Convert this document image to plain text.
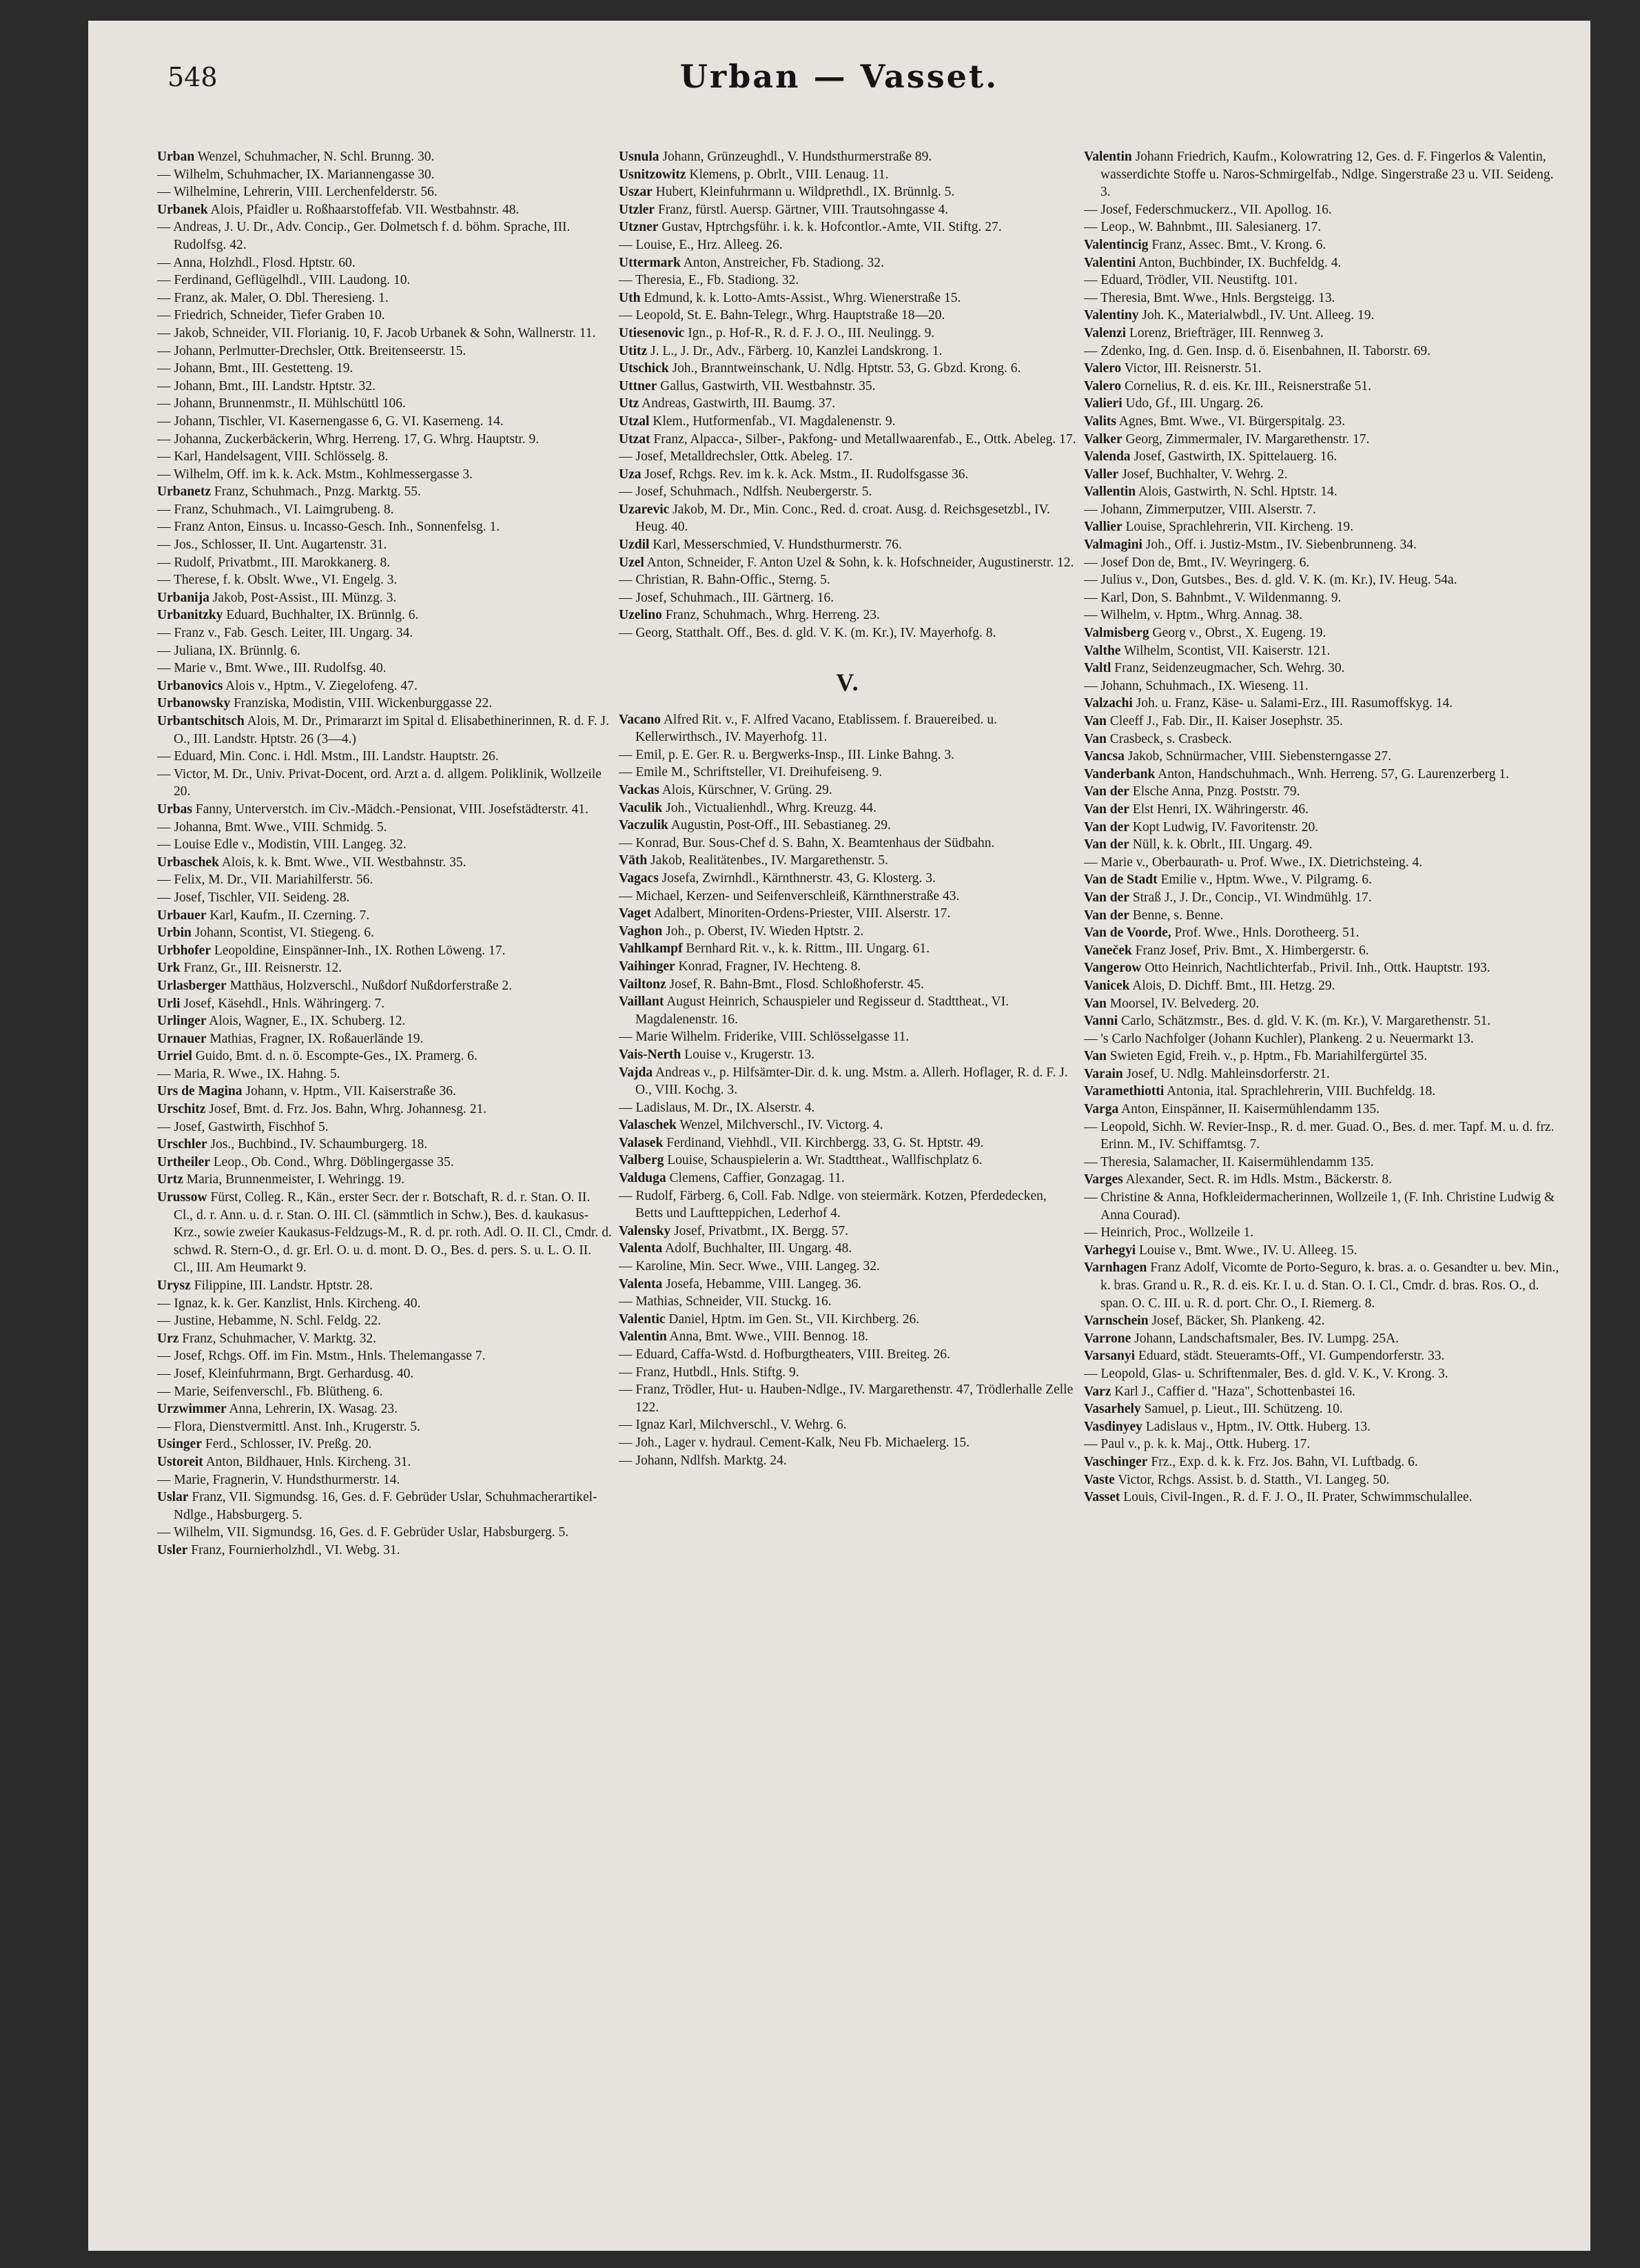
548	Urban — Vasset.
Urban Wenzel, Schuhmacher, N. Schl. Brunng. 30.
— Wilhelm, Schuhmacher, IX. Mariannengasse 30.
— Wilhelmine, Lehrerin, VIII. Lerchenfelderstr. 56.
Urbanek Alois, Pfaidler u. Roßhaarstoffefab. VII. Westbahnstr. 48.
— Andreas, J. U. Dr., Adv. Concip., Ger. Dolmetsch f. d. böhm. Sprache, III. Rudolfsg. 42.
— Anna, Holzhdl., Flosd. Hptstr. 60.
— Ferdinand, Geflügelhdl., VIII. Laudong. 10.
— Franz, ak. Maler, O. Dbl. Theresieng. 1.
— Friedrich, Schneider, Tiefer Graben 10.
— Jakob, Schneider, VII. Florianig. 10, F. Jacob Urbanek & Sohn, Wallnerstr. 11.
— Johann, Perlmutter-Drechsler, Ottk. Breitenseerstr. 15.
— Johann, Bmt., III. Gestetteng. 19.
— Johann, Bmt., III. Landstr. Hptstr. 32.
— Johann, Brunnenmstr., II. Mühlschüttl 106.
— Johann, Tischler, VI. Kasernengasse 6, G. VI. Kaserneng. 14.
— Johanna, Zuckerbäckerin, Whrg. Herreng. 17, G. Whrg. Hauptstr. 9.
— Karl, Handelsagent, VIII. Schlösselg. 8.
— Wilhelm, Off. im k. k. Ack. Mstm., Kohlmessergasse 3.
Urbanetz Franz, Schuhmach., Pnzg. Marktg. 55.
— Franz, Schuhmach., VI. Laimgrubeng. 8.
— Franz Anton, Einsus. u. Incasso-Gesch. Inh., Sonnenfelsg. 1.
— Jos., Schlosser, II. Unt. Augartenstr. 31.
— Rudolf, Privatbmt., III. Marokkanerg. 8.
— Therese, f. k. Obslt. Wwe., VI. Engelg. 3.
Urbanija Jakob, Post-Assist., III. Münzg. 3.
Urbanitzky Eduard, Buchhalter, IX. Brünnlg. 6.
— Franz v., Fab. Gesch. Leiter, III. Ungarg. 34.
— Juliana, IX. Brünnlg. 6.
— Marie v., Bmt. Wwe., III. Rudolfsg. 40.
Urbanovics Alois v., Hptm., V. Ziegelofeng. 47.
Urbanowsky Franziska, Modistin, VIII. Wickenburggasse 22.
Urbantschitsch Alois, M. Dr., Primararzt im Spital d. Elisabethinerinnen, R. d. F. J. O., III. Landstr. Hptstr. 26 (3—4.)
— Eduard, Min. Conc. i. Hdl. Mstm., III. Landstr. Hauptstr. 26.
— Victor, M. Dr., Univ. Privat-Docent, ord. Arzt a. d. allgem. Poliklinik, Wollzeile 20.
Urbas Fanny, Unterverstch. im Civ.-Mädch.-Pensionat, VIII. Josefstädterstr. 41.
— Johanna, Bmt. Wwe., VIII. Schmidg. 5.
— Louise Edle v., Modistin, VIII. Langeg. 32.
Urbaschek Alois, k. k. Bmt. Wwe., VII. Westbahnstr. 35.
— Felix, M. Dr., VII. Mariahilferstr. 56.
— Josef, Tischler, VII. Seideng. 28.
Urbauer Karl, Kaufm., II. Czerning. 7.
Urbin Johann, Scontist, VI. Stiegeng. 6.
Urbhofer Leopoldine, Einspänner-Inh., IX. Rothen Löweng. 17.
Urk Franz, Gr., III. Reisnerstr. 12.
Urlasberger Matthäus, Holzverschl., Nußdorf Nußdorferstraße 2.
Urli Josef, Käsehdl., Hnls. Währingerg. 7.
Urlinger Alois, Wagner, E., IX. Schuberg. 12.
Urnauer Mathias, Fragner, IX. Roßauerlände 19.
Urriel Guido, Bmt. d. n. ö. Escompte-Ges., IX. Pramerg. 6.
— Maria, R. Wwe., IX. Hahng. 5.
Urs de Magina Johann, v. Hptm., VII. Kaiserstraße 36.
Urschitz Josef, Bmt. d. Frz. Jos. Bahn, Whrg. Johannesg. 21.
— Josef, Gastwirth, Fischhof 5.
Urschler Jos., Buchbind., IV. Schaumburgerg. 18.
Urtheiler Leop., Ob. Cond., Whrg. Döblingergasse 35.
Urtz Maria, Brunnenmeister, I. Wehringg. 19.
Urussow Fürst, Colleg. R., Kän., erster Secr. der r. Botschaft, R. d. r. Stan. O. II. Cl., d. r. Ann. u. d. r. Stan. O. III. Cl. (sämmtlich in Schw.), Bes. d. kaukasus-Krz., sowie zweier Kaukasus-Feldzugs-M., R. d. pr. roth. Adl. O. II. Cl., Cmdr. d. schwd. R. Stern-O., d. gr. Erl. O. u. d. mont. D. O., Bes. d. pers. S. u. L. O. II. Cl., III. Am Heumarkt 9.
Urysz Filippine, III. Landstr. Hptstr. 28.
— Ignaz, k. k. Ger. Kanzlist, Hnls. Kircheng. 40.
— Justine, Hebamme, N. Schl. Feldg. 22.
Urz Franz, Schuhmacher, V. Marktg. 32.
— Josef, Rchgs. Off. im Fin. Mstm., Hnls. Thelemangasse 7.
— Josef, Kleinfuhrmann, Brgt. Gerhardusg. 40.
— Marie, Seifenverschl., Fb. Blütheng. 6.
Urzwimmer Anna, Lehrerin, IX. Wasag. 23.
— Flora, Dienstvermittl. Anst. Inh., Krugerstr. 5.
Usinger Ferd., Schlosser, IV. Preßg. 20.
Ustoreit Anton, Bildhauer, Hnls. Kircheng. 31.
— Marie, Fragnerin, V. Hundsthurmerstr. 14.
Uslar Franz, VII. Sigmundsg. 16, Ges. d. F. Gebrüder Uslar, Schuhmacherartikel-Ndlge., Habsburgerg. 5.
— Wilhelm, VII. Sigmundsg. 16, Ges. d. F. Gebrüder Uslar, Habsburgerg. 5.
Usler Franz, Fournierholzhdl., VI. Webg. 31.
Usnula Johann, Grünzeughdl., V. Hundsthurmerstraße 89.
Usnitzowitz Klemens, p. Obrlt., VIII. Lenaug. 11.
Uszar Hubert, Kleinfuhrmann u. Wildprethdl., IX. Brünnlg. 5.
Utzler Franz, fürstl. Auersp. Gärtner, VIII. Trautsohngasse 4.
Utzner Gustav, Hptrchgsführ. i. k. k. Hofcontlor.-Amte, VII. Stiftg. 27.
— Louise, E., Hrz. Alleeg. 26.
Uttermark Anton, Anstreicher, Fb. Stadiong. 32.
— Theresia, E., Fb. Stadiong. 32.
Uth Edmund, k. k. Lotto-Amts-Assist., Whrg. Wienerstraße 15.
— Leopold, St. E. Bahn-Telegr., Whrg. Hauptstraße 18—20.
Utiesenovic Ign., p. Hof-R., R. d. F. J. O., III. Neulingg. 9.
Utitz J. L., J. Dr., Adv., Färberg. 10, Kanzlei Landskrong. 1.
Utschick Joh., Branntweinschank, U. Ndlg. Hptstr. 53, G. Gbzd. Krong. 6.
Uttner Gallus, Gastwirth, VII. Westbahnstr. 35.
Utz Andreas, Gastwirth, III. Baumg. 37.
Utzal Klem., Hutformenfab., VI. Magdalenenstr. 9.
Utzat Franz, Alpacca-, Silber-, Pakfong- und Metallwaarenfab., E., Ottk. Abeleg. 17.
— Josef, Metalldrechsler, Ottk. Abeleg. 17.
Uza Josef, Rchgs. Rev. im k. k. Ack. Mstm., II. Rudolfsgasse 36.
— Josef, Schuhmach., Ndlfsh. Neubergerstr. 5.
Uzarevic Jakob, M. Dr., Min. Conc., Red. d. croat. Ausg. d. Reichsgesetzbl., IV. Heug. 40.
Uzdil Karl, Messerschmied, V. Hundsthurmerstr. 76.
Uzel Anton, Schneider, F. Anton Uzel & Sohn, k. k. Hofschneider, Augustinerstr. 12.
— Christian, R. Bahn-Offic., Sterng. 5.
— Josef, Schuhmach., III. Gärtnerg. 16.
Uzelino Franz, Schuhmach., Whrg. Herreng. 23.
— Georg, Statthalt. Off., Bes. d. gld. V. K. (m. Kr.), IV. Mayerhofg. 8.
V.
Vacano Alfred Rit. v., F. Alfred Vacano, Etablissem. f. Brauereibed. u. Kellerwirthsch., IV. Mayerhofg. 11.
— Emil, p. E. Ger. R. u. Bergwerks-Insp., III. Linke Bahng. 3.
— Emile M., Schriftsteller, VI. Dreihufeiseng. 9.
Vackas Alois, Kürschner, V. Grüng. 29.
Vaculik Joh., Victualienhdl., Whrg. Kreuzg. 44.
Vaczulik Augustin, Post-Off., III. Sebastianeg. 29.
— Konrad, Bur. Sous-Chef d. S. Bahn, X. Beamtenhaus der Südbahn.
Väth Jakob, Realitätenbes., IV. Margarethenstr. 5.
Vagacs Josefa, Zwirnhdl., Kärnthnerstr. 43, G. Klosterg. 3.
— Michael, Kerzen- und Seifenverschleiß, Kärnthnerstraße 43.
Vaget Adalbert, Minoriten-Ordens-Priester, VIII. Alserstr. 17.
Vaghon Joh., p. Oberst, IV. Wieden Hptstr. 2.
Vahlkampf Bernhard Rit. v., k. k. Rittm., III. Ungarg. 61.
Vaihinger Konrad, Fragner, IV. Hechteng. 8.
Vailtonz Josef, R. Bahn-Bmt., Flosd. Schloßhoferstr. 45.
Vaillant August Heinrich, Schauspieler und Regisseur d. Stadttheat., VI. Magdalenenstr. 16.
— Marie Wilhelm. Friderike, VIII. Schlösselgasse 11.
Vais-Nerth Louise v., Krugerstr. 13.
Vajda Andreas v., p. Hilfsämter-Dir. d. k. ung. Mstm. a. Allerh. Hoflager, R. d. F. J. O., VIII. Kochg. 3.
— Ladislaus, M. Dr., IX. Alserstr. 4.
Valaschek Wenzel, Milchverschl., IV. Victorg. 4.
Valasek Ferdinand, Viehhdl., VII. Kirchbergg. 33, G. St. Hptstr. 49.
Valberg Louise, Schauspielerin a. Wr. Stadttheat., Wallfischplatz 6.
Valduga Clemens, Caffier, Gonzagag. 11.
— Rudolf, Färberg. 6, Coll. Fab. Ndlge. von steiermärk. Kotzen, Pferdedecken, Betts und Lauftteppichen, Lederhof 4.
Valensky Josef, Privatbmt., IX. Bergg. 57.
Valenta Adolf, Buchhalter, III. Ungarg. 48.
— Karoline, Min. Secr. Wwe., VIII. Langeg. 32.
Valenta Josefa, Hebamme, VIII. Langeg. 36.
— Mathias, Schneider, VII. Stuckg. 16.
Valentic Daniel, Hptm. im Gen. St., VII. Kirchberg. 26.
Valentin Anna, Bmt. Wwe., VIII. Bennog. 18.
— Eduard, Caffa-Wstd. d. Hofburgtheaters, VIII. Breiteg. 26.
— Franz, Hutbdl., Hnls. Stiftg. 9.
— Franz, Trödler, Hut- u. Hauben-Ndlge., IV. Margarethenstr. 47, Trödlerhalle Zelle 122.
— Ignaz Karl, Milchverschl., V. Wehrg. 6.
— Joh., Lager v. hydraul. Cement-Kalk, Neu Fb. Michaelerg. 15.
— Johann, Ndlfsh. Marktg. 24.
Valentin Johann Friedrich, Kaufm., Kolowratring 12, Ges. d. F. Fingerlos & Valentin, wasserdichte Stoffe u. Naros-Schmirgelfab., Ndlge. Singerstraße 23 u. VII. Seideng. 3.
— Josef, Federschmuckerz., VII. Apollog. 16.
— Leop., W. Bahnbmt., III. Salesianerg. 17.
Valentincig Franz, Assec. Bmt., V. Krong. 6.
Valentini Anton, Buchbinder, IX. Buchfeldg. 4.
— Eduard, Trödler, VII. Neustiftg. 101.
— Theresia, Bmt. Wwe., Hnls. Bergsteigg. 13.
Valentiny Joh. K., Materialwbdl., IV. Unt. Alleeg. 19.
Valenzi Lorenz, Briefträger, III. Rennweg 3.
— Zdenko, Ing. d. Gen. Insp. d. ö. Eisenbahnen, II. Taborstr. 69.
Valero Victor, III. Reisnerstr. 51.
Valero Cornelius, R. d. eis. Kr. III., Reisnerstraße 51.
Valieri Udo, Gf., III. Ungarg. 26.
Valits Agnes, Bmt. Wwe., VI. Bürgerspitalg. 23.
Valker Georg, Zimmermaler, IV. Margarethenstr. 17.
Valenda Josef, Gastwirth, IX. Spittelauerg. 16.
Valler Josef, Buchhalter, V. Wehrg. 2.
Vallentin Alois, Gastwirth, N. Schl. Hptstr. 14.
— Johann, Zimmerputzer, VIII. Alserstr. 7.
Vallier Louise, Sprachlehrerin, VII. Kircheng. 19.
Valmagini Joh., Off. i. Justiz-Mstm., IV. Siebenbrunneng. 34.
— Josef Don de, Bmt., IV. Weyringerg. 6.
— Julius v., Don, Gutsbes., Bes. d. gld. V. K. (m. Kr.), IV. Heug. 54a.
— Karl, Don, S. Bahnbmt., V. Wildenmanng. 9.
— Wilhelm, v. Hptm., Whrg. Annag. 38.
Valmisberg Georg v., Obrst., X. Eugeng. 19.
Valthe Wilhelm, Scontist, VII. Kaiserstr. 121.
Valtl Franz, Seidenzeugmacher, Sch. Wehrg. 30.
— Johann, Schuhmach., IX. Wieseng. 11.
Valzachi Joh. u. Franz, Käse- u. Salami-Erz., III. Rasumoffskyg. 14.
Van Cleeff J., Fab. Dir., II. Kaiser Josephstr. 35.
Van Crasbeck, s. Crasbeck.
Vancsa Jakob, Schnürmacher, VIII. Siebensterngasse 27.
Vanderbank Anton, Handschuhmach., Wnh. Herreng. 57, G. Laurenzerberg 1.
Van der Elsche Anna, Pnzg. Poststr. 79.
Van der Elst Henri, IX. Währingerstr. 46.
Van der Kopt Ludwig, IV. Favoritenstr. 20.
Van der Nüll, k. k. Obrlt., III. Ungarg. 49.
— Marie v., Oberbaurath- u. Prof. Wwe., IX. Dietrichsteing. 4.
Van de Stadt Emilie v., Hptm. Wwe., V. Pilgramg. 6.
Van der Straß J., J. Dr., Concip., VI. Windmühlg. 17.
Van der Benne, s. Benne.
Van de Voorde, Prof. Wwe., Hnls. Dorotheerg. 51.
Vaneček Franz Josef, Priv. Bmt., X. Himbergerstr. 6.
Vangerow Otto Heinrich, Nachtlichterfab., Privil. Inh., Ottk. Hauptstr. 193.
Vanicek Alois, D. Dichff. Bmt., III. Hetzg. 29.
Van Moorsel, IV. Belvederg. 20.
Vanni Carlo, Schätzmstr., Bes. d. gld. V. K. (m. Kr.), V. Margarethenstr. 51.
— 's Carlo Nachfolger (Johann Kuchler), Plankeng. 2 u. Neuermarkt 13.
Van Swieten Egid, Freih. v., p. Hptm., Fb. Mariahilfergürtel 35.
Varain Josef, U. Ndlg. Mahleinsdorferstr. 21.
Varamethiotti Antonia, ital. Sprachlehrerin, VIII. Buchfeldg. 18.
Varga Anton, Einspänner, II. Kaisermühlendamm 135.
— Leopold, Sichh. W. Revier-Insp., R. d. mer. Guad. O., Bes. d. mer. Tapf. M. u. d. frz. Erinn. M., IV. Schiffamtsg. 7.
— Theresia, Salamacher, II. Kaisermühlendamm 135.
Varges Alexander, Sect. R. im Hdls. Mstm., Bäckerstr. 8.
— Christine & Anna, Hofkleidermacherinnen, Wollzeile 1, (F. Inh. Christine Ludwig & Anna Courad).
— Heinrich, Proc., Wollzeile 1.
Varhegyi Louise v., Bmt. Wwe., IV. U. Alleeg. 15.
Varnhagen Franz Adolf, Vicomte de Porto-Seguro, k. bras. a. o. Gesandter u. bev. Min., k. bras. Grand u. R., R. d. eis. Kr. I. u. d. Stan. O. I. Cl., Cmdr. d. bras. Ros. O., d. span. O. C. III. u. R. d. port. Chr. O., I. Riemerg. 8.
Varnschein Josef, Bäcker, Sh. Plankeng. 42.
Varrone Johann, Landschaftsmaler, Bes. IV. Lumpg. 25A.
Varsanyi Eduard, städt. Steueramts-Off., VI. Gumpendorferstr. 33.
— Leopold, Glas- u. Schriftenmaler, Bes. d. gld. V. K., V. Krong. 3.
Varz Karl J., Caffier d. "Haza", Schottenbastei 16.
Vasarhely Samuel, p. Lieut., III. Schützeng. 10.
Vasdinyey Ladislaus v., Hptm., IV. Ottk. Huberg. 13.
— Paul v., p. k. k. Maj., Ottk. Huberg. 17.
Vaschinger Frz., Exp. d. k. k. Frz. Jos. Bahn, VI. Luftbadg. 6.
Vaste Victor, Rchgs. Assist. b. d. Statth., VI. Langeg. 50.
Vasset Louis, Civil-Ingen., R. d. F. J. O., II. Prater, Schwimmschulallee.
